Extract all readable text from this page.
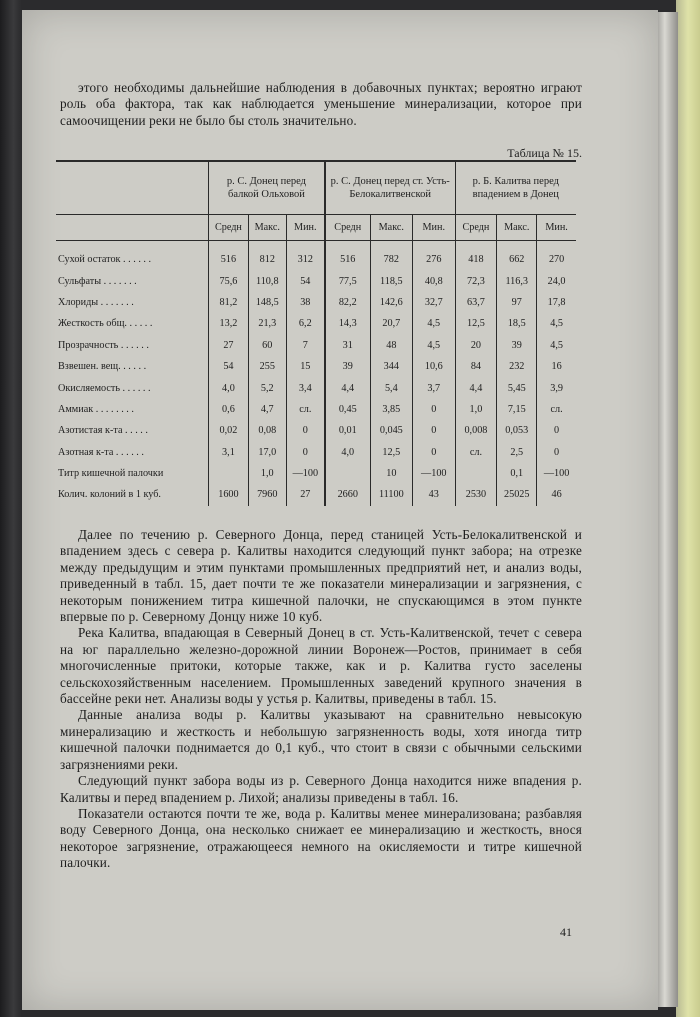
этого необходимы дальнейшие наблюдения в добавочных пунктах; вероятно играют роль оба фактора, так как наблюдается уменьшение минерализации, которое при самоочищении реки не было бы столь значительно.

Таблица № 15.
	р. С. Донец перед балкой Ольховой			р. С. Донец перед ст. Усть-Белокалитвенской			р. Б. Калитва перед впадением в Донец		
	Средн	Макс.	Мин.	Средн	Макс.	Мин.	Средн	Макс.	Мин.
Сухой остаток . . . . . .	516	812	312	516	782	276	418	662	270
Сульфаты . . . . . . .	75,6	110,8	54	77,5	118,5	40,8	72,3	116,3	24,0
Хлориды . . . . . . .	81,2	148,5	38	82,2	142,6	32,7	63,7	97	17,8
Жесткость общ. . . . . .	13,2	21,3	6,2	14,3	20,7	4,5	12,5	18,5	4,5
Прозрачность . . . . . .	27	60	7	31	48	4,5	20	39	4,5
Взвешен. вещ. . . . . .	54	255	15	39	344	10,6	84	232	16
Окисляемость . . . . . .	4,0	5,2	3,4	4,4	5,4	3,7	4,4	5,45	3,9
Аммиак . . . . . . . .	0,6	4,7	сл.	0,45	3,85	0	1,0	7,15	сл.
Азотистая к-та . . . . .	0,02	0,08	0	0,01	0,045	0	0,008	0,053	0
Азотная к-та . . . . . .	3,1	17,0	0	4,0	12,5	0	сл.	2,5	0
Титр кишечной палочки		1,0	—100		10	—100		0,1	—100
Колич. колоний в 1 куб.	1600	7960	27	2660	11100	43	2530	25025	46

Далее по течению р. Северного Донца, перед станицей Усть-Белокалитвенской и впадением здесь с севера р. Калитвы находится следующий пункт забора; на отрезке между предыдущим и этим пунктами промышленных предприятий нет, и анализ воды, приведенный в табл. 15, дает почти те же показатели минерализации и загрязнения, с некоторым понижением титра кишечной палочки, не спускающимся в этом пункте впервые по р. Северному Донцу ниже 10 куб.

Река Калитва, впадающая в Северный Донец в ст. Усть-Калитвенской, течет с севера на юг параллельно железно-дорожной линии Воронеж—Ростов, принимает в себя многочисленные притоки, которые также, как и р. Калитва густо заселены сельскохозяйственным населением. Промышленных заведений крупного значения в бассейне реки нет. Анализы воды у устья р. Калитвы, приведены в табл. 15.

Данные анализа воды р. Калитвы указывают на сравнительно невысокую минерализацию и жесткость и небольшую загрязненность воды, хотя иногда титр кишечной палочки поднимается до 0,1 куб., что стоит в связи с обычными сельскими загрязнениями реки.

Следующий пункт забора воды из р. Северного Донца находится ниже впадения р. Калитвы и перед впадением р. Лихой; анализы приведены в табл. 16.

Показатели остаются почти те же, вода р. Калитвы менее минерализована; разбавляя воду Северного Донца, она несколько снижает ее минерализацию и жесткость, внося некоторое загрязнение, отражающееся немного на окисляемости и титре кишечной палочки.

41
